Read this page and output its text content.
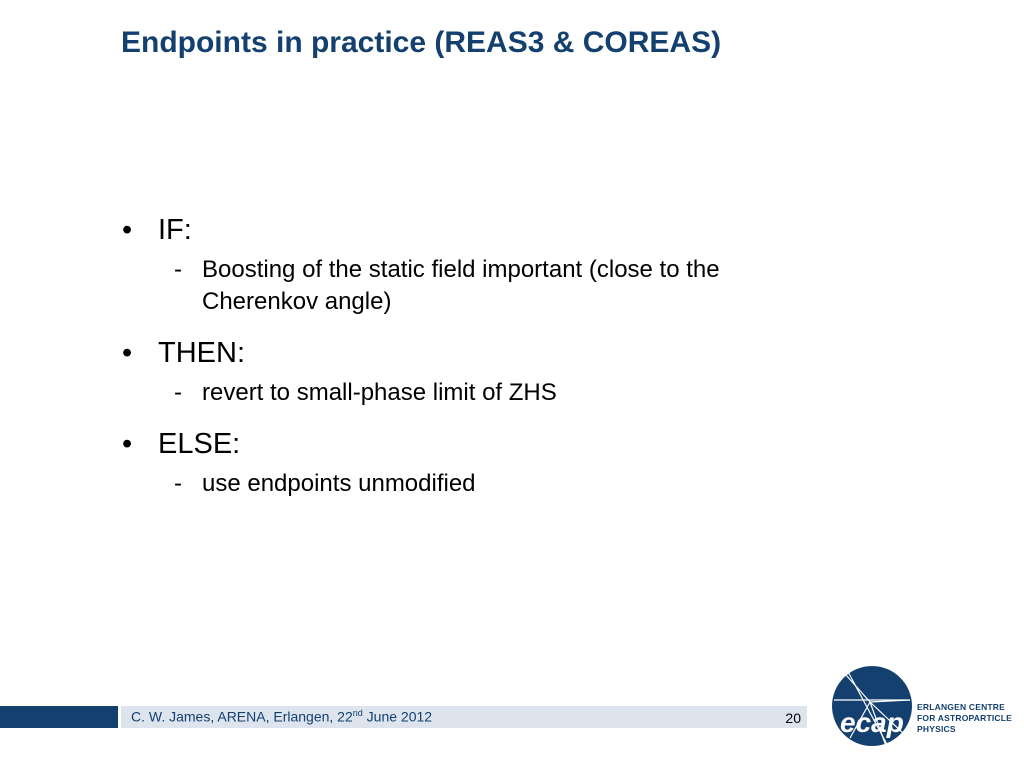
Endpoints in practice (REAS3 & COREAS)
• IF:
- Boosting of the static field important (close to the Cherenkov angle)
• THEN:
- revert to small-phase limit of ZHS
• ELSE:
- use endpoints unmodified
C. W. James, ARENA, Erlangen, 22nd June 2012	20 ecap ERLANGEN CENTRE
FOR ASTROPARTICLE
PHYSICS
